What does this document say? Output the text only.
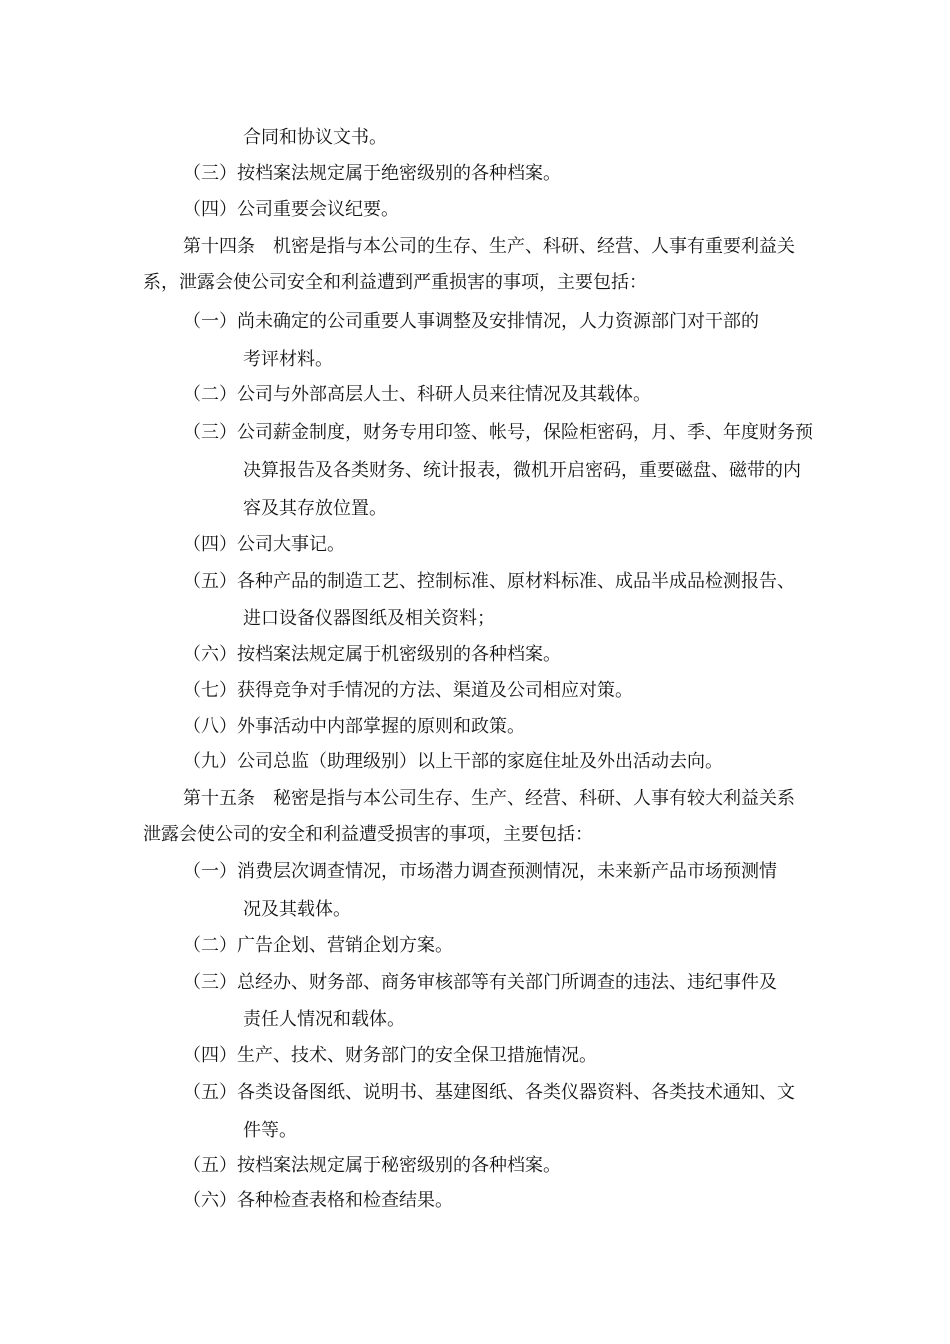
合同和协议文书。
（三）按档案法规定属于绝密级别的各种档案。
（四）公司重要会议纪要。
第十四条 机密是指与本公司的生存、生产、科研、经营、人事有重要利益关
系，泄露会使公司安全和利益遭到严重损害的事项，主要包括：
（一）尚未确定的公司重要人事调整及安排情况，人力资源部门对干部的
考评材料。
（二）公司与外部高层人士、科研人员来往情况及其载体。
（三）公司薪金制度，财务专用印签、帐号，保险柜密码，月、季、年度财务预
决算报告及各类财务、统计报表，微机开启密码，重要磁盘、磁带的内
容及其存放位置。
（四）公司大事记。
（五）各种产品的制造工艺、控制标准、原材料标准、成品半成品检测报告、
进口设备仪器图纸及相关资料；
（六）按档案法规定属于机密级别的各种档案。
（七）获得竞争对手情况的方法、渠道及公司相应对策。
（八）外事活动中内部掌握的原则和政策。
（九）公司总监（助理级别）以上干部的家庭住址及外出活动去向。
第十五条 秘密是指与本公司生存、生产、经营、科研、人事有较大利益关系
泄露会使公司的安全和利益遭受损害的事项，主要包括：
（一）消费层次调查情况，市场潜力调查预测情况，未来新产品市场预测情
况及其载体。
（二）广告企划、营销企划方案。
（三）总经办、财务部、商务审核部等有关部门所调查的违法、违纪事件及
责任人情况和载体。
（四）生产、技术、财务部门的安全保卫措施情况。
（五）各类设备图纸、说明书、基建图纸、各类仪器资料、各类技术通知、文
件等。
（五）按档案法规定属于秘密级别的各种档案。
（六）各种检查表格和检查结果。
